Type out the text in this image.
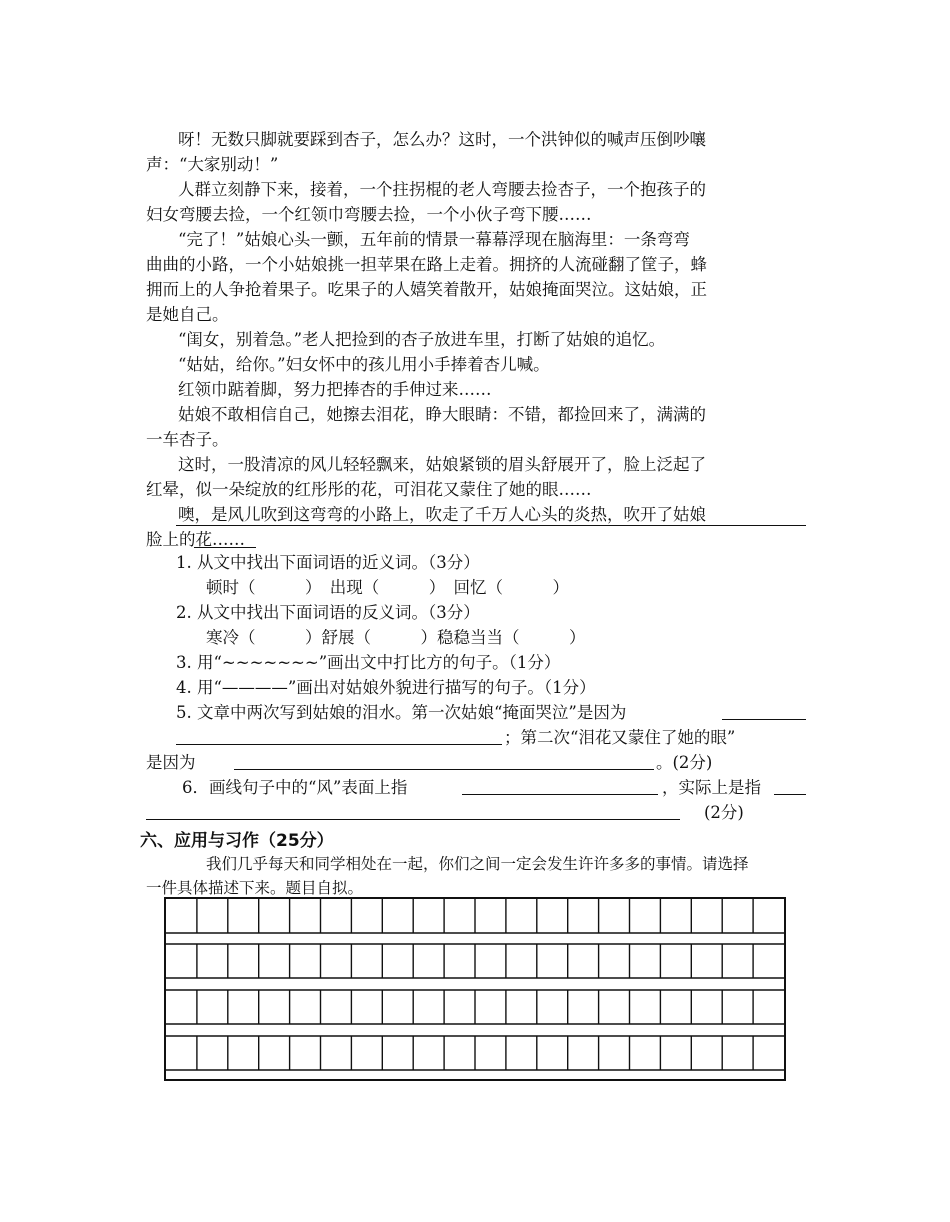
呀！无数只脚就要踩到杏子，怎么办？这时，一个洪钟似的喊声压倒吵嚷
声：“大家别动！”
人群立刻静下来，接着，一个拄拐棍的老人弯腰去捡杏子，一个抱孩子的
妇女弯腰去捡，一个红领巾弯腰去捡，一个小伙子弯下腰……
“完了！”姑娘心头一颤，五年前的情景一幕幕浮现在脑海里：一条弯弯
曲曲的小路，一个小姑娘挑一担苹果在路上走着。拥挤的人流碰翻了筐子，蜂
拥而上的人争抢着果子。吃果子的人嬉笑着散开，姑娘掩面哭泣。这姑娘，正
是她自己。
“闺女，别着急。”老人把捡到的杏子放进车里，打断了姑娘的追忆。
“姑姑，给你。”妇女怀中的孩儿用小手捧着杏儿喊。
红领巾踮着脚，努力把捧杏的手伸过来……
姑娘不敢相信自己，她擦去泪花，睁大眼睛：不错，都捡回来了，满满的
一车杏子。
这时，一股清凉的风儿轻轻飘来，姑娘紧锁的眉头舒展开了，脸上泛起了
红晕，似一朵绽放的红彤彤的花，可泪花又蒙住了她的眼……
噢，是风儿吹到这弯弯的小路上，吹走了千万人心头的炎热，吹开了姑娘
脸上的花……
1. 从文中找出下面词语的近义词。（3分）
顿时（　　　）　出现（　　　）　回忆（　　　）
2. 从文中找出下面词语的反义词。（3分）
寒冷（　　　）舒展（　　　）稳稳当当（　　　）
3. 用“~~~~~~~”画出文中打比方的句子。（1分）
4. 用“————”画出对姑娘外貌进行描写的句子。（1分）
5. 文章中两次写到姑娘的泪水。第一次姑娘“掩面哭泣”是因为
；第二次“泪花又蒙住了她的眼”
是因为	。(2分)
6．画线句子中的“风”表面上指	，实际上是指
(2分)
六、应用与习作（25分）
我们几乎每天和同学相处在一起，你们之间一定会发生许许多多的事情。请选择
一件具体描述下来。题目自拟。
